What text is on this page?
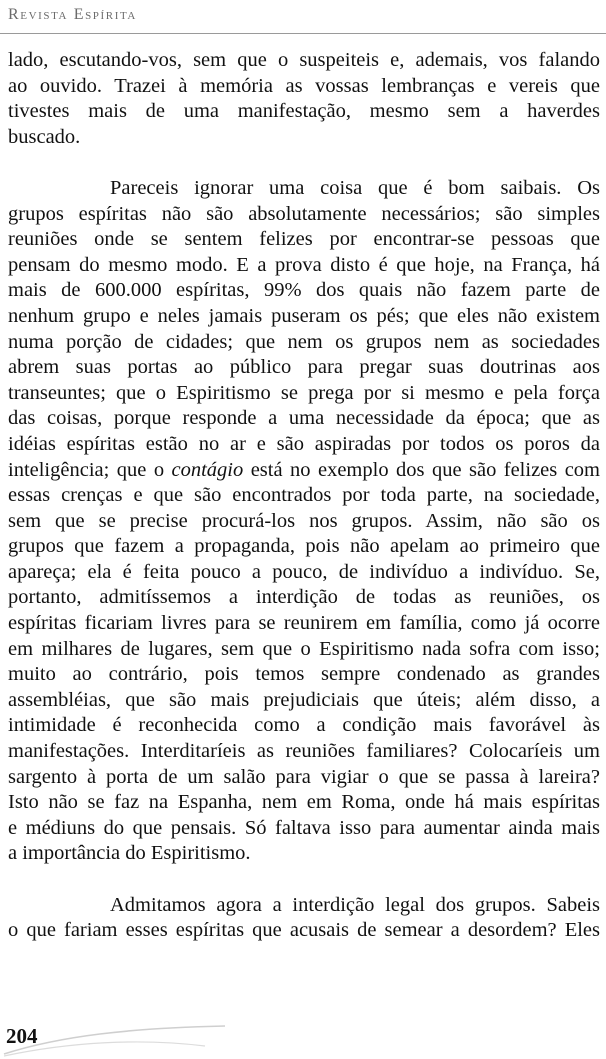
Revista Espírita
lado, escutando-vos, sem que o suspeiteis e, ademais, vos falando
ao ouvido. Trazei à memória as vossas lembranças e vereis que
tivestes mais de uma manifestação, mesmo sem a haverdes
buscado.
Pareceis ignorar uma coisa que é bom saibais. Os
grupos espíritas não são absolutamente necessários; são simples
reuniões onde se sentem felizes por encontrar-se pessoas que
pensam do mesmo modo. E a prova disto é que hoje, na França, há
mais de 600.000 espíritas, 99% dos quais não fazem parte de
nenhum grupo e neles jamais puseram os pés; que eles não existem
numa porção de cidades; que nem os grupos nem as sociedades
abrem suas portas ao público para pregar suas doutrinas aos
transeuntes; que o Espiritismo se prega por si mesmo e pela força
das coisas, porque responde a uma necessidade da época; que as
idéias espíritas estão no ar e são aspiradas por todos os poros da
inteligência; que o contágio está no exemplo dos que são felizes com
essas crenças e que são encontrados por toda parte, na sociedade,
sem que se precise procurá-los nos grupos. Assim, não são os
grupos que fazem a propaganda, pois não apelam ao primeiro que
apareça; ela é feita pouco a pouco, de indivíduo a indivíduo. Se,
portanto, admitíssemos a interdição de todas as reuniões, os
espíritas ficariam livres para se reunirem em família, como já ocorre
em milhares de lugares, sem que o Espiritismo nada sofra com isso;
muito ao contrário, pois temos sempre condenado as grandes
assembléias, que são mais prejudiciais que úteis; além disso, a
intimidade é reconhecida como a condição mais favorável às
manifestações. Interditaríeis as reuniões familiares? Colocaríeis um
sargento à porta de um salão para vigiar o que se passa à lareira?
Isto não se faz na Espanha, nem em Roma, onde há mais espíritas
e médiuns do que pensais. Só faltava isso para aumentar ainda mais
a importância do Espiritismo.
Admitamos agora a interdição legal dos grupos. Sabeis
o que fariam esses espíritas que acusais de semear a desordem? Eles
204
